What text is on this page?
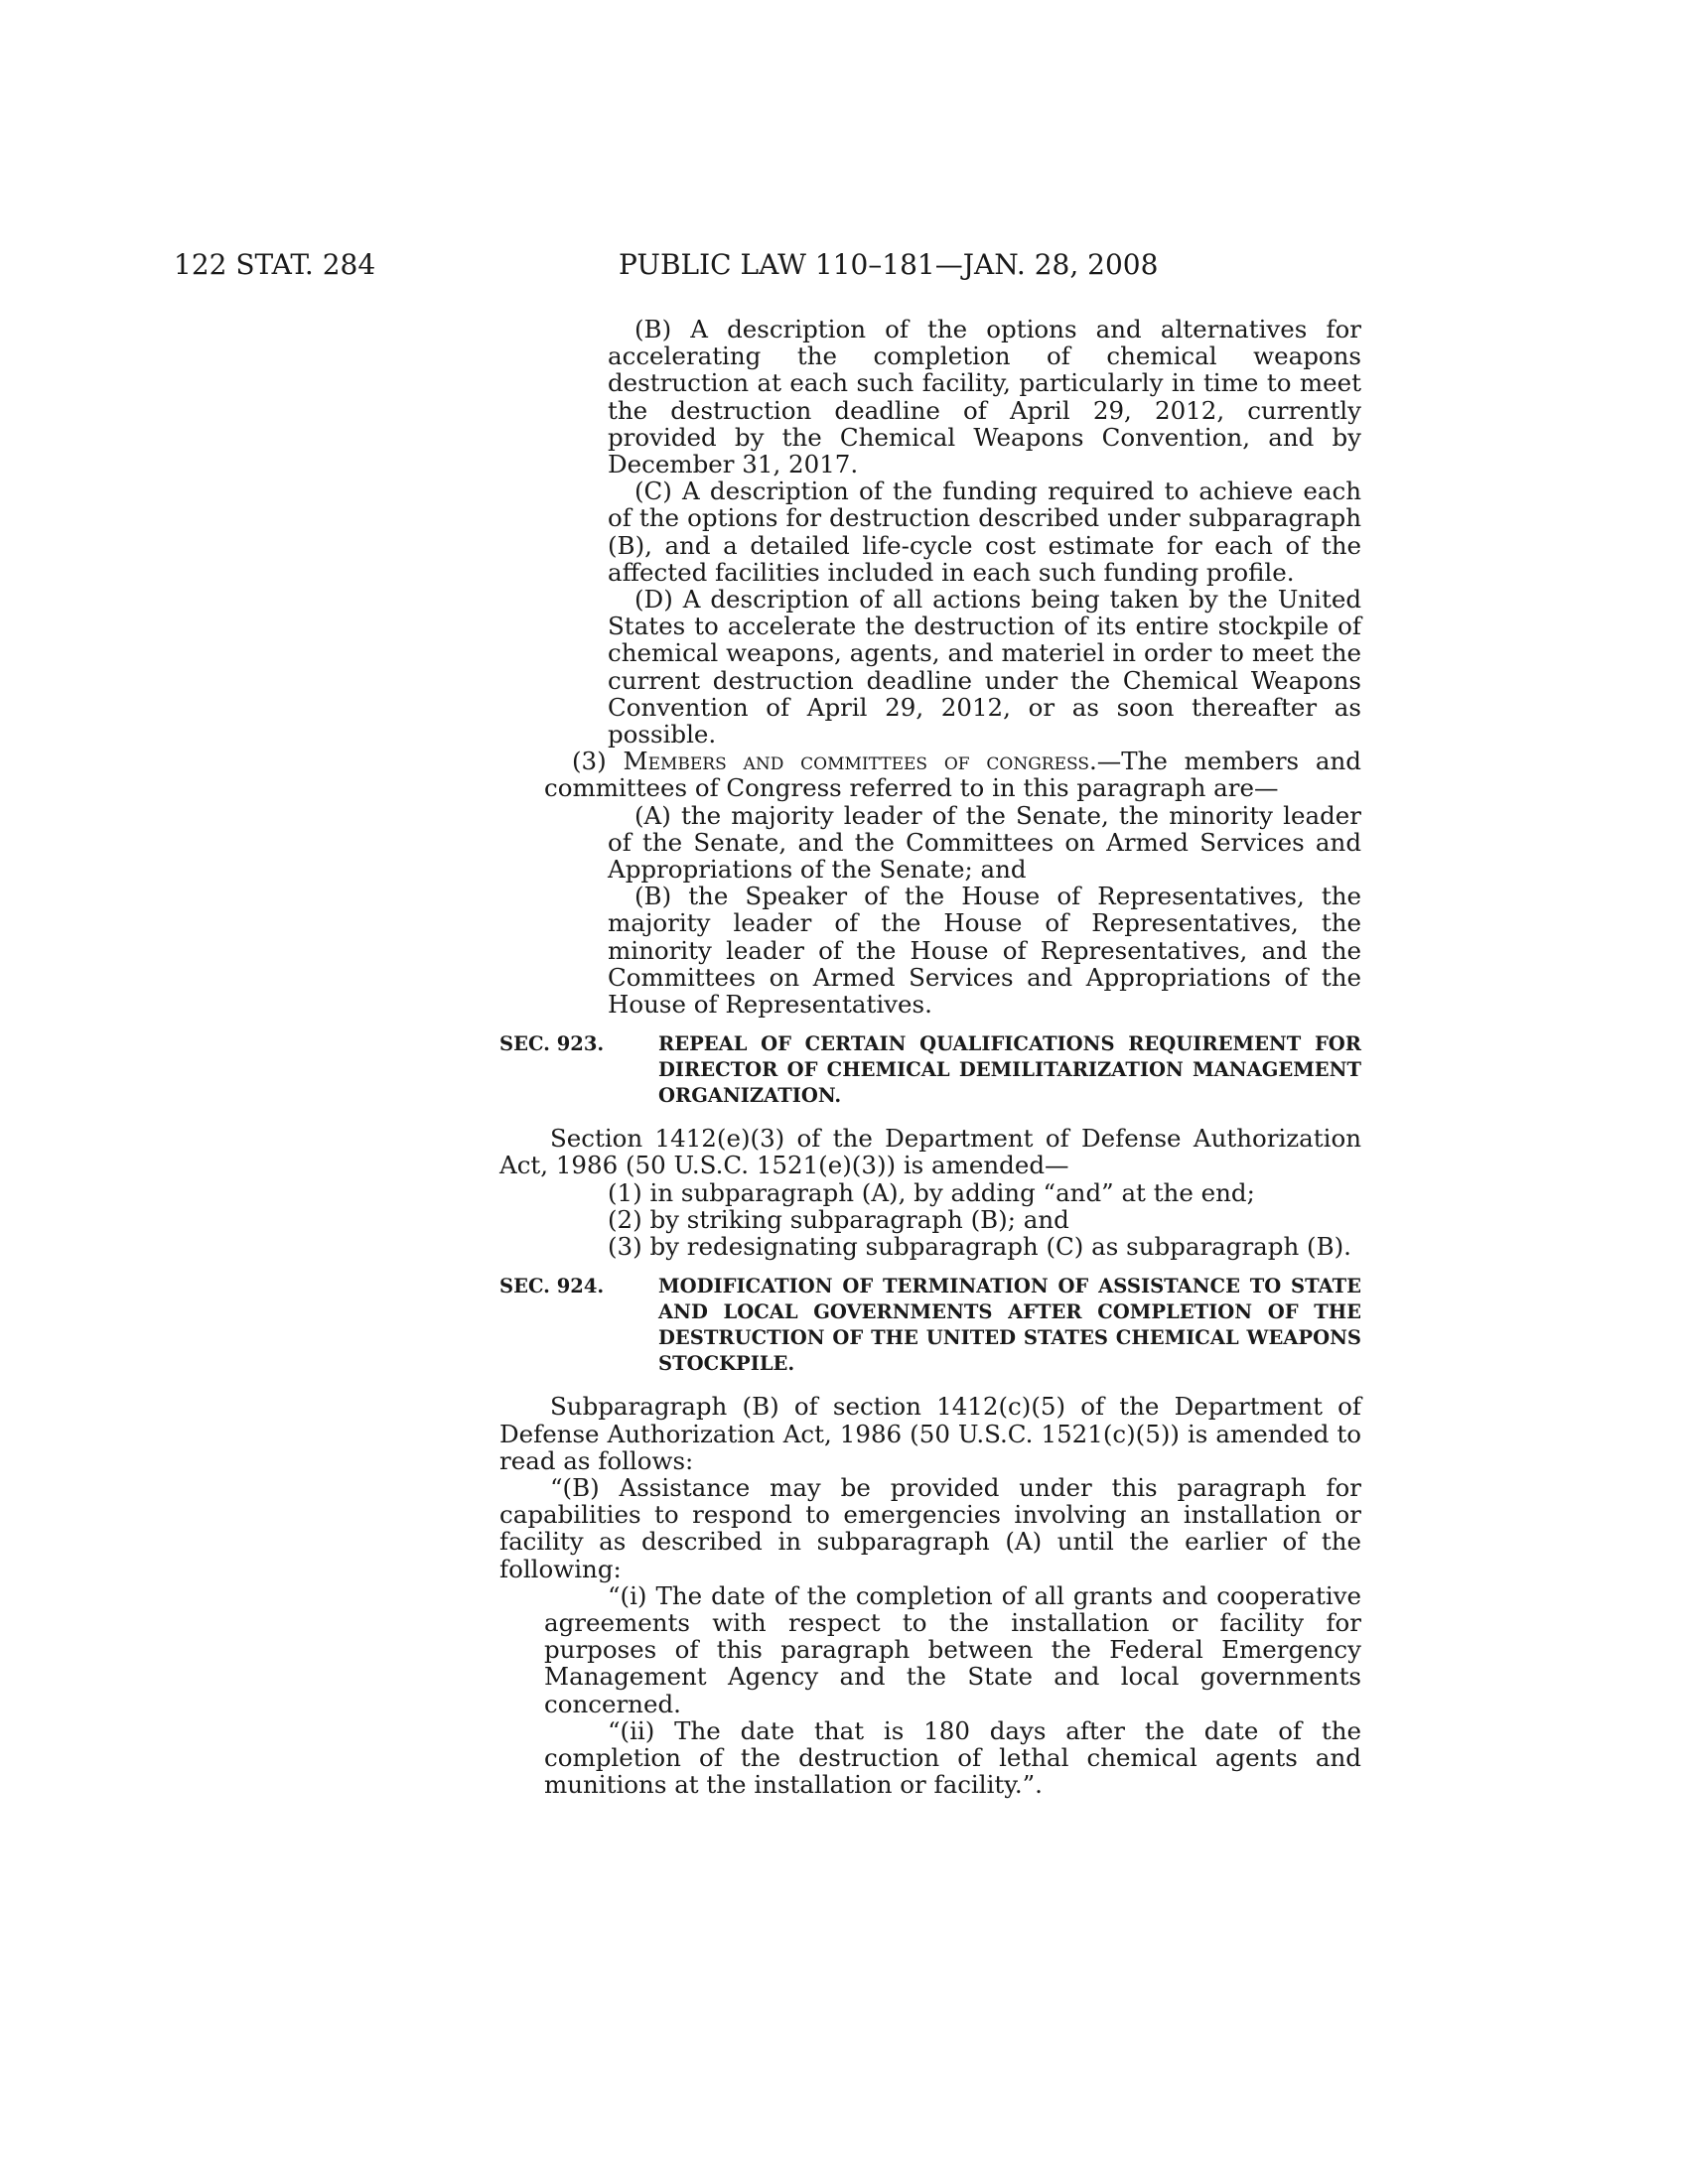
122 STAT. 284	PUBLIC LAW 110–181—JAN. 28, 2008

(B) A description of the options and alternatives for accelerating the completion of chemical weapons destruction at each such facility, particularly in time to meet the destruction deadline of April 29, 2012, currently provided by the Chemical Weapons Convention, and by December 31, 2017.

(C) A description of the funding required to achieve each of the options for destruction described under subparagraph (B), and a detailed life-cycle cost estimate for each of the affected facilities included in each such funding profile.

(D) A description of all actions being taken by the United States to accelerate the destruction of its entire stockpile of chemical weapons, agents, and materiel in order to meet the current destruction deadline under the Chemical Weapons Convention of April 29, 2012, or as soon thereafter as possible.

(3) Members and committees of congress.—The members and committees of Congress referred to in this paragraph are—

(A) the majority leader of the Senate, the minority leader of the Senate, and the Committees on Armed Services and Appropriations of the Senate; and

(B) the Speaker of the House of Representatives, the majority leader of the House of Representatives, the minority leader of the House of Representatives, and the Committees on Armed Services and Appropriations of the House of Representatives.

SEC. 923.	REPEAL OF CERTAIN QUALIFICATIONS REQUIREMENT FOR DIRECTOR OF CHEMICAL DEMILITARIZATION MANAGEMENT ORGANIZATION.

Section 1412(e)(3) of the Department of Defense Authorization Act, 1986 (50 U.S.C. 1521(e)(3)) is amended—

(1) in subparagraph (A), by adding “and” at the end;

(2) by striking subparagraph (B); and

(3) by redesignating subparagraph (C) as subparagraph (B).

SEC. 924.	MODIFICATION OF TERMINATION OF ASSISTANCE TO STATE AND LOCAL GOVERNMENTS AFTER COMPLETION OF THE DESTRUCTION OF THE UNITED STATES CHEMICAL WEAPONS STOCKPILE.

Subparagraph (B) of section 1412(c)(5) of the Department of Defense Authorization Act, 1986 (50 U.S.C. 1521(c)(5)) is amended to read as follows:

“(B) Assistance may be provided under this paragraph for capabilities to respond to emergencies involving an installation or facility as described in subparagraph (A) until the earlier of the following:

“(i) The date of the completion of all grants and cooperative agreements with respect to the installation or facility for purposes of this paragraph between the Federal Emergency Management Agency and the State and local governments concerned.

“(ii) The date that is 180 days after the date of the completion of the destruction of lethal chemical agents and munitions at the installation or facility.”.
